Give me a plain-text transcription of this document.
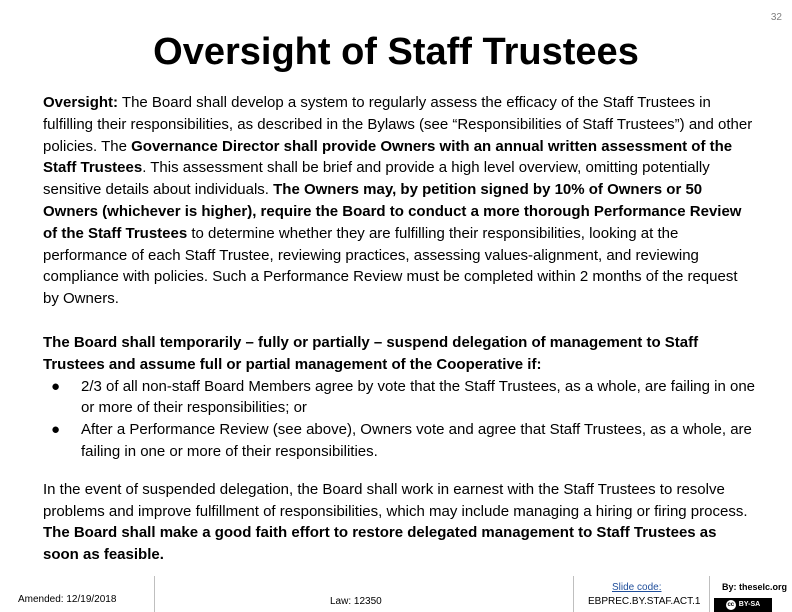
32
Oversight of Staff Trustees

Oversight: The Board shall develop a system to regularly assess the efficacy of the Staff Trustees in fulfilling their responsibilities, as described in the Bylaws (see “Responsibilities of Staff Trustees”) and other policies. The Governance Director shall provide Owners with an annual written assessment of the Staff Trustees. This assessment shall be brief and provide a high level overview, omitting potentially sensitive details about individuals. The Owners may, by petition signed by 10% of Owners or 50 Owners (whichever is higher), require the Board to conduct a more thorough Performance Review of the Staff Trustees to determine whether they are fulfilling their responsibilities, looking at the performance of each Staff Trustee, reviewing practices, assessing values-alignment, and reviewing compliance with policies. Such a Performance Review must be completed within 2 months of the request by Owners.

The Board shall temporarily – fully or partially – suspend delegation of management to Staff Trustees and assume full or partial management of the Cooperative if:

● 2/3 of all non-staff Board Members agree by vote that the Staff Trustees, as a whole, are failing in one or more of their responsibilities; or
● After a Performance Review (see above), Owners vote and agree that Staff Trustees, as a whole, are failing in one or more of their responsibilities.

In the event of suspended delegation, the Board shall work in earnest with the Staff Trustees to resolve problems and improve fulfillment of responsibilities, which may include managing a hiring or firing process. The Board shall make a good faith effort to restore delegated management to Staff Trustees as soon as feasible.

Amended: 12/19/2018	Law: 12350
Slide code:
EBPREC.BY.STAF.ACT.1
By: theselc.org
cc BY-SA
